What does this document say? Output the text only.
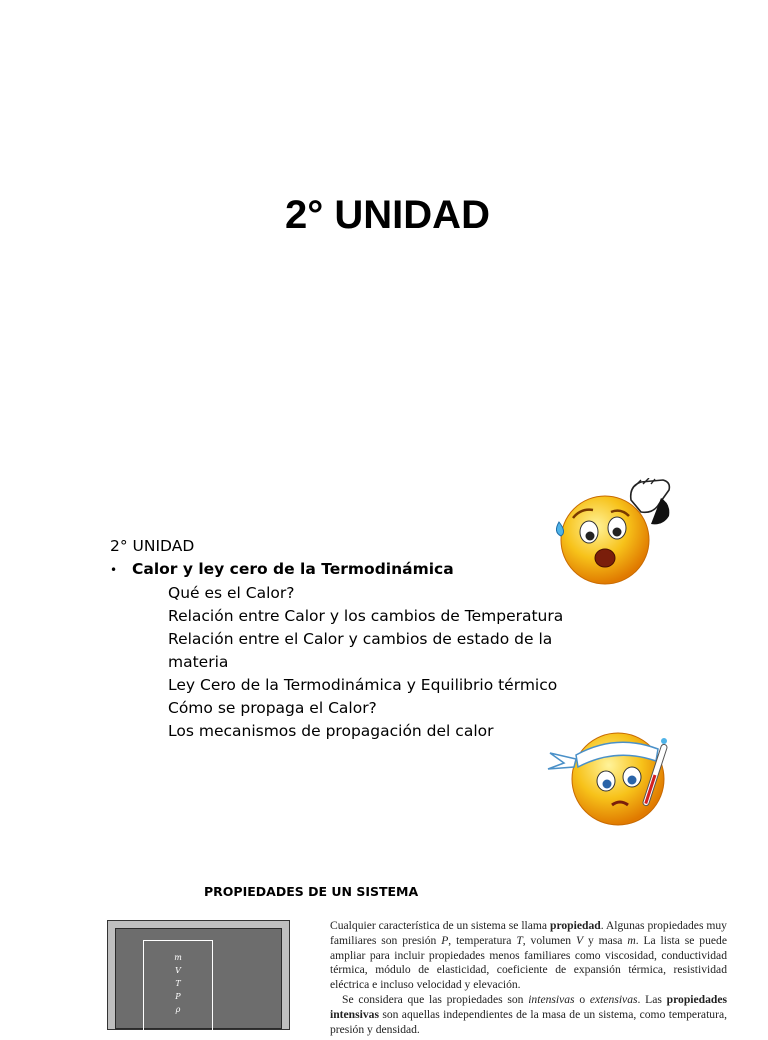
2° UNIDAD
2° UNIDAD
• Calor y ley cero de la Termodinámica
Qué es el Calor?
Relación entre Calor y los cambios de Temperatura
Relación entre el Calor y cambios de estado de la materia
Ley Cero de la Termodinámica y Equilibrio térmico
Cómo se propaga el Calor?
Los mecanismos de propagación del calor
PROPIEDADES DE UN SISTEMA
m
V
T
P
ρ

Cualquier característica de un sistema se llama propiedad. Algunas propiedades muy familiares son presión P, temperatura T, volumen V y masa m. La lista se puede ampliar para incluir propiedades menos familiares como viscosidad, conductividad térmica, módulo de elasticidad, coeficiente de expansión térmica, resistividad eléctrica e incluso velocidad y elevación.

Se considera que las propiedades son intensivas o extensivas. Las propiedades intensivas son aquellas independientes de la masa de un sistema, como temperatura, presión y densidad.
